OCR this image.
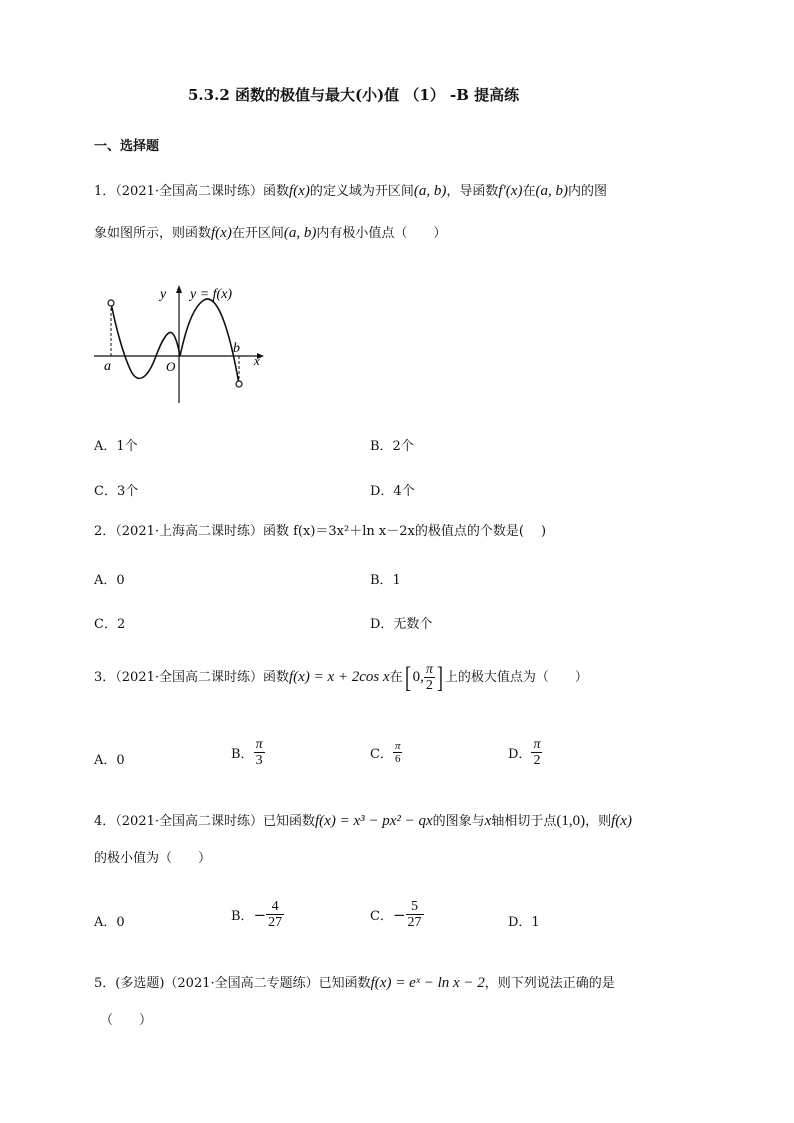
5.3.2 函数的极值与最大(小)值 （1） -B 提高练
一、选择题
1．（2021·全国高二课时练）函数f(x)的定义域为开区间(a, b)，导函数f′(x)在(a, b)内的图
象如图所示，则函数f(x)在开区间(a, b)内有极小值点（　　）
y y = f(x)
x
O
a
b
A．1个	B．2个
C．3个	D．4个
2．（2021·上海高二课时练）函数 f(x)＝3x²＋ln x－2x的极值点的个数是(　 )
A．0	B．1
C．2	D．无数个
3．（2021·全国高二课时练）函数 f(x) = x + 2cos x 在 [ 0, $\frac{\pi}{2}$ ] 上的极大值点为（　　）
A．0	B． $\frac{\pi}{3}$	C． $\frac{\pi}{6}$	D． $\frac{\pi}{2}$
4．（2021·全国高二课时练）已知函数f(x) = x³ − px² − qx的图象与x轴相切于点(1,0)，则f(x)
的极小值为（　　）
A．0	B． − $\frac{4}{27}$	C． − $\frac{5}{27}$	D．1
5．(多选题)（2021·全国高二专题练）已知函数f(x) = eˣ − ln x − 2，则下列说法正确的是
（　　）
